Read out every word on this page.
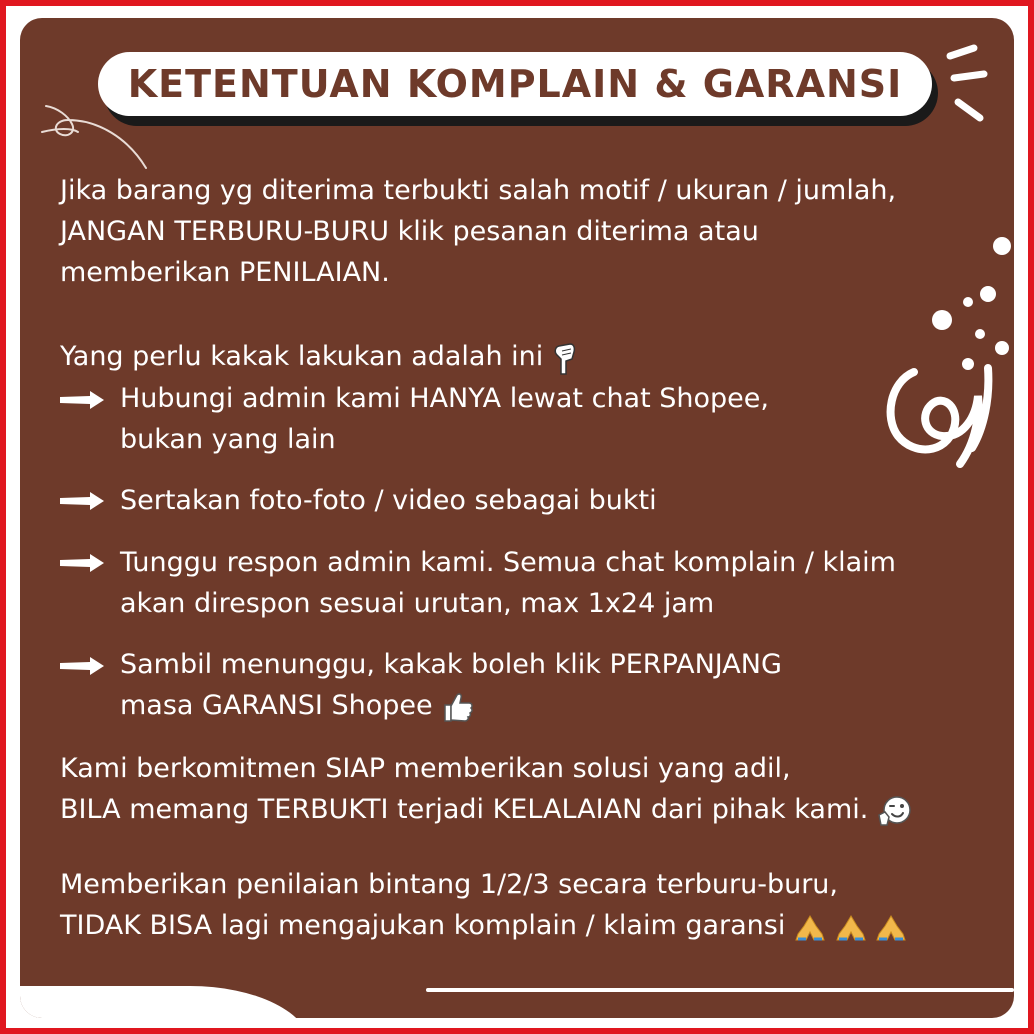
KETENTUAN KOMPLAIN & GARANSI
Jika barang yg diterima terbukti salah motif / ukuran / jumlah,
JANGAN TERBURU-BURU klik pesanan diterima atau
memberikan PENILAIAN.
Yang perlu kakak lakukan adalah ini
Hubungi admin kami HANYA lewat chat Shopee,
bukan yang lain
Sertakan foto-foto / video sebagai bukti
Tunggu respon admin kami. Semua chat komplain / klaim
akan direspon sesuai urutan, max 1x24 jam
Sambil menunggu, kakak boleh klik PERPANJANG
masa GARANSI Shopee
Kami berkomitmen SIAP memberikan solusi yang adil,
BILA memang TERBUKTI terjadi KELALAIAN dari pihak kami.
Memberikan penilaian bintang 1/2/3 secara terburu-buru,
TIDAK BISA lagi mengajukan komplain / klaim garansi
